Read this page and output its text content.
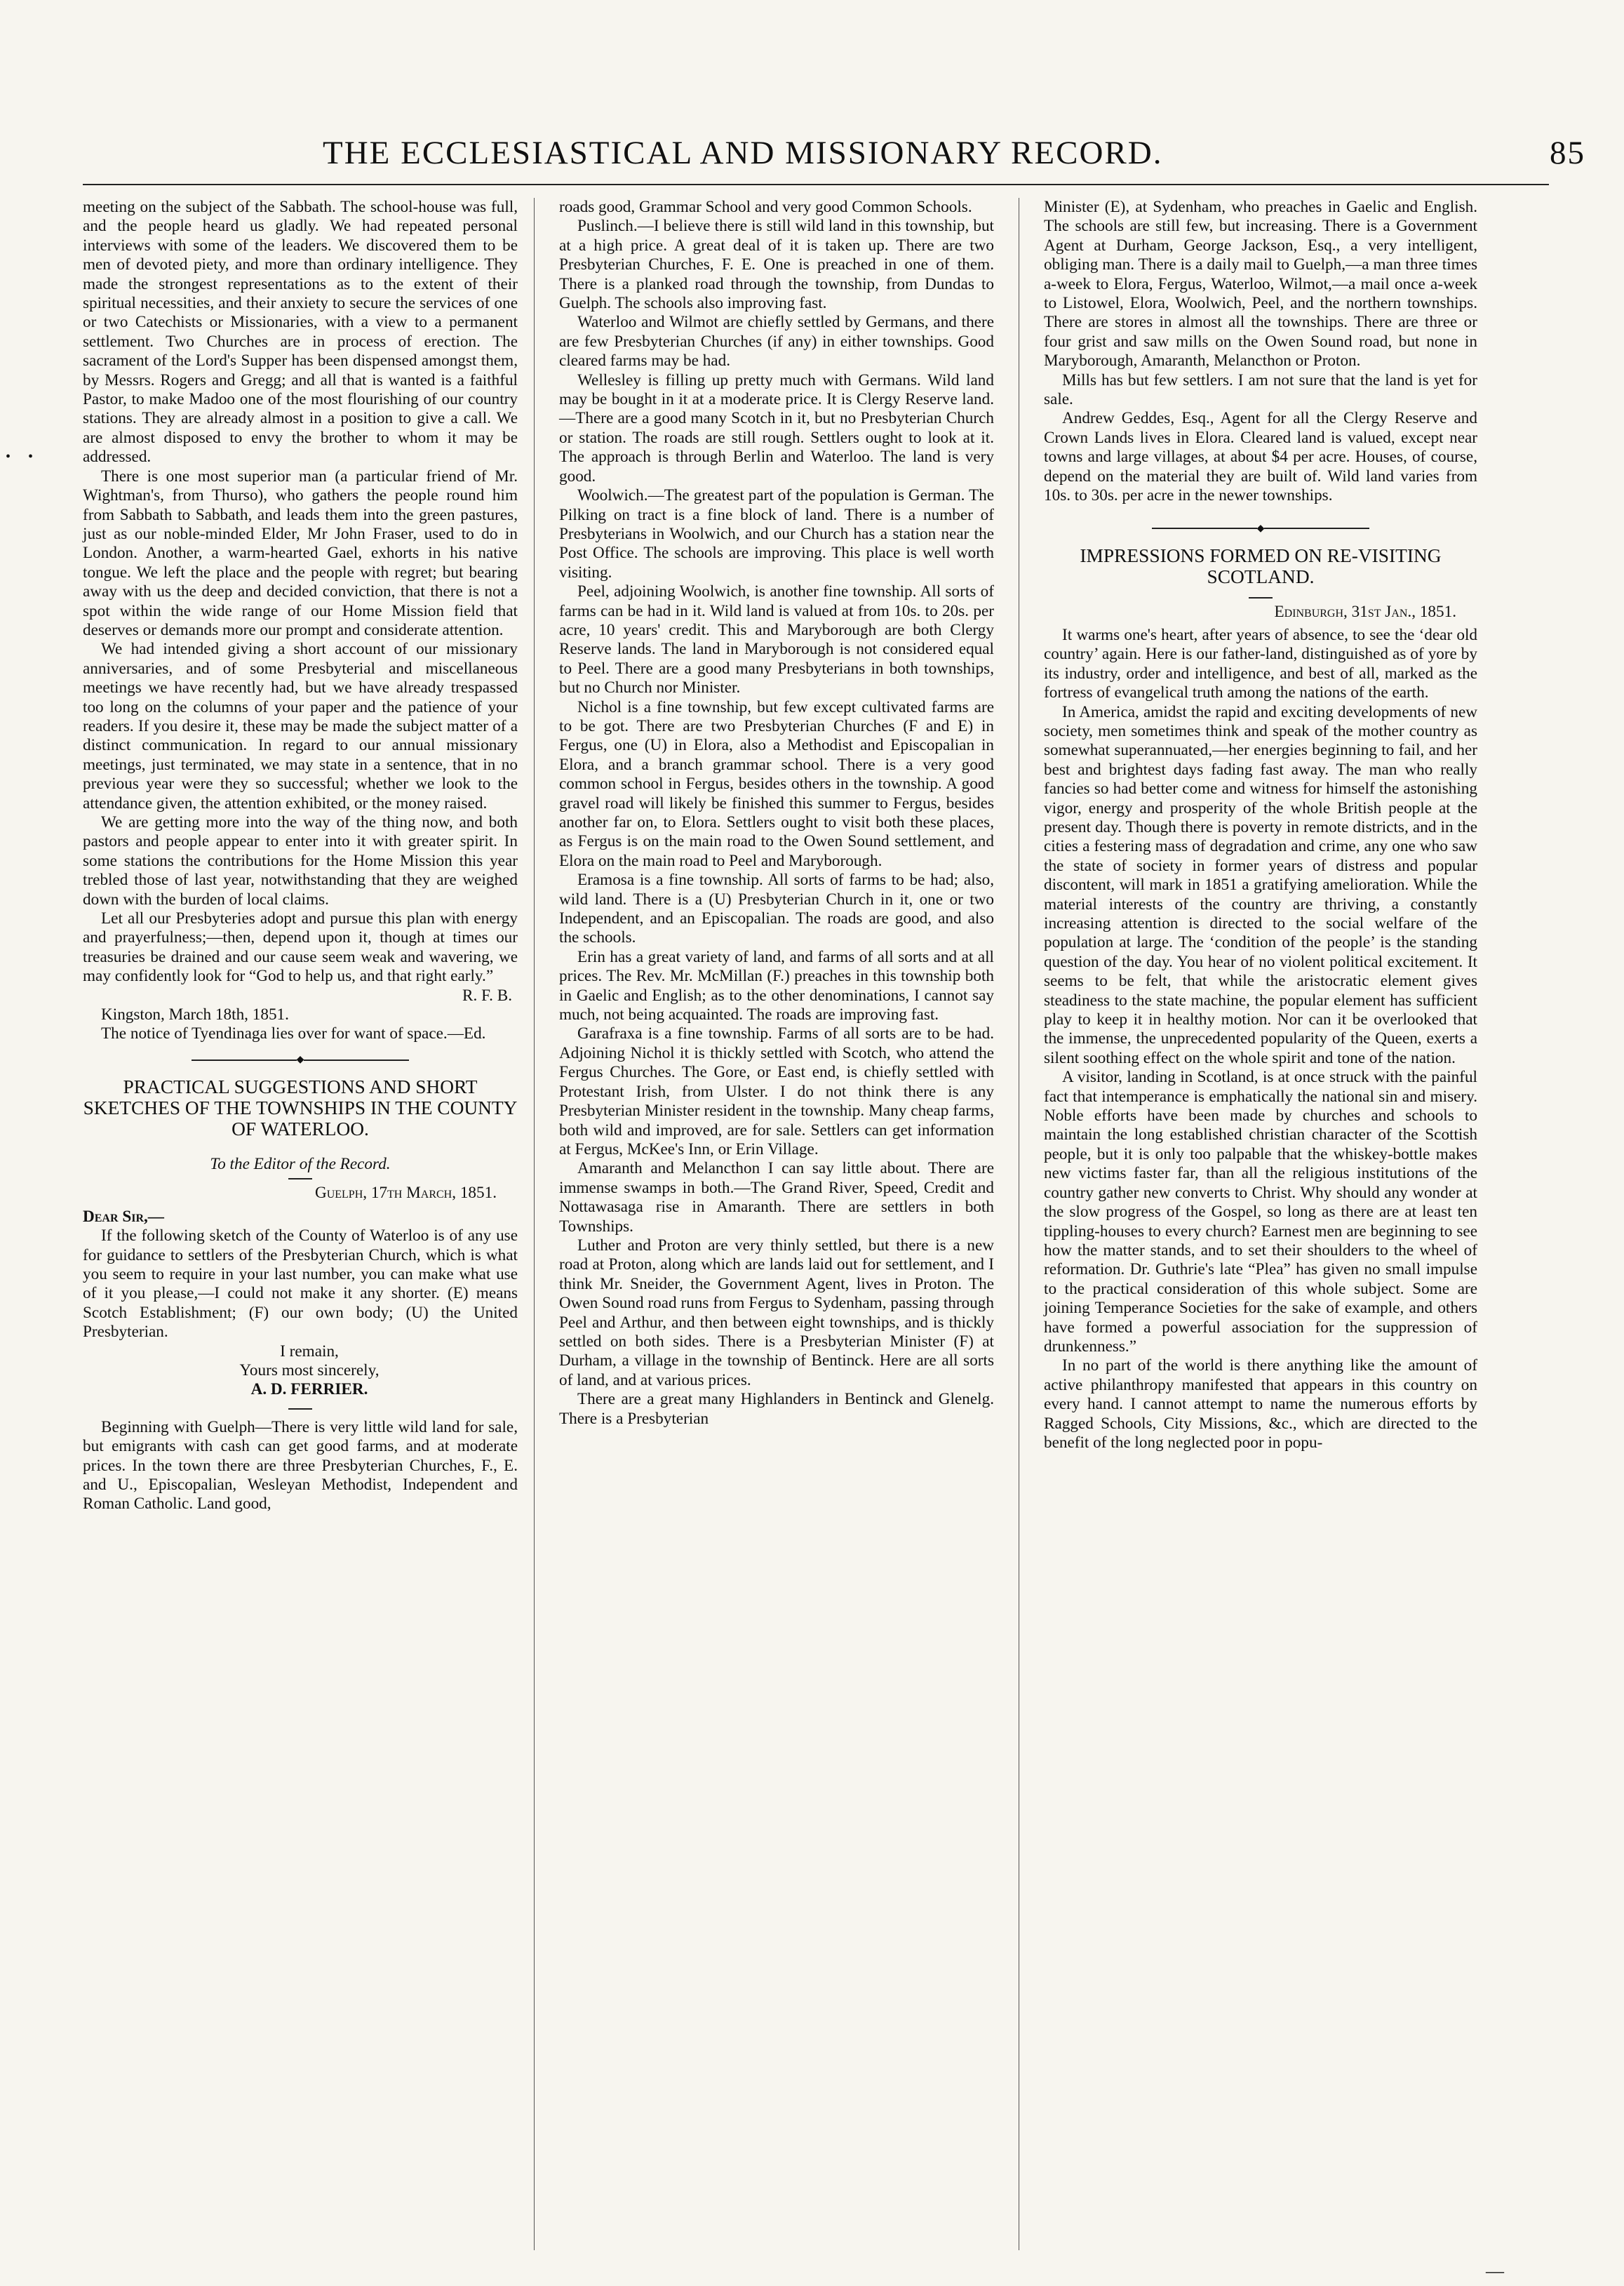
THE ECCLESIASTICAL AND MISSIONARY RECORD.	85
• •

meeting on the subject of the Sabbath. The school-house was full, and the people heard us gladly. We had repeated personal interviews with some of the leaders. We discovered them to be men of devoted piety, and more than ordinary intelligence. They made the strongest representations as to the extent of their spiritual necessities, and their anxiety to secure the services of one or two Catechists or Missionaries, with a view to a permanent settlement. Two Churches are in process of erection. The sacrament of the Lord's Supper has been dispensed amongst them, by Messrs. Rogers and Gregg; and all that is wanted is a faithful Pastor, to make Madoo one of the most flourishing of our country stations. They are already almost in a position to give a call. We are almost disposed to envy the brother to whom it may be addressed.

There is one most superior man (a particular friend of Mr. Wightman's, from Thurso), who gathers the people round him from Sabbath to Sabbath, and leads them into the green pastures, just as our noble-minded Elder, Mr John Fraser, used to do in London. Another, a warm-hearted Gael, exhorts in his native tongue. We left the place and the people with regret; but bearing away with us the deep and decided conviction, that there is not a spot within the wide range of our Home Mission field that deserves or demands more our prompt and considerate attention.

We had intended giving a short account of our missionary anniversaries, and of some Presbyterial and miscellaneous meetings we have recently had, but we have already trespassed too long on the columns of your paper and the patience of your readers. If you desire it, these may be made the subject matter of a distinct communication. In regard to our annual missionary meetings, just terminated, we may state in a sentence, that in no previous year were they so successful; whether we look to the attendance given, the attention exhibited, or the money raised.

We are getting more into the way of the thing now, and both pastors and people appear to enter into it with greater spirit. In some stations the contributions for the Home Mission this year trebled those of last year, notwithstanding that they are weighed down with the burden of local claims.

Let all our Presbyteries adopt and pursue this plan with energy and prayerfulness;—then, depend upon it, though at times our treasuries be drained and our cause seem weak and wavering, we may confidently look for “God to help us, and that right early.”

R. F. B.

Kingston, March 18th, 1851.

The notice of Tyendinaga lies over for want of space.—Ed.

◆
PRACTICAL SUGGESTIONS AND SHORT SKETCHES OF THE TOWNSHIPS IN THE COUNTY OF WATERLOO.
To the Editor of the Record.
Guelph, 17th March, 1851.

Dear Sir,—

If the following sketch of the County of Waterloo is of any use for guidance to settlers of the Presbyterian Church, which is what you seem to require in your last number, you can make what use of it you please,—I could not make it any shorter. (E) means Scotch Establishment; (F) our own body; (U) the United Presbyterian.

I remain,

Yours most sincerely,

A. D. FERRIER.

Beginning with Guelph—There is very little wild land for sale, but emigrants with cash can get good farms, and at moderate prices. In the town there are three Presbyterian Churches, F., E. and U., Episcopalian, Wesleyan Methodist, Independent and Roman Catholic. Land good,

roads good, Grammar School and very good Common Schools.

Puslinch.—I believe there is still wild land in this township, but at a high price. A great deal of it is taken up. There are two Presbyterian Churches, F. E. One is preached in one of them. There is a planked road through the township, from Dundas to Guelph. The schools also improving fast.

Waterloo and Wilmot are chiefly settled by Germans, and there are few Presbyterian Churches (if any) in either townships. Good cleared farms may be had.

Wellesley is filling up pretty much with Germans. Wild land may be bought in it at a moderate price. It is Clergy Reserve land.—There are a good many Scotch in it, but no Presbyterian Church or station. The roads are still rough. Settlers ought to look at it. The approach is through Berlin and Waterloo. The land is very good.

Woolwich.—The greatest part of the population is German. The Pilking on tract is a fine block of land. There is a number of Presbyterians in Woolwich, and our Church has a station near the Post Office. The schools are improving. This place is well worth visiting.

Peel, adjoining Woolwich, is another fine township. All sorts of farms can be had in it. Wild land is valued at from 10s. to 20s. per acre, 10 years' credit. This and Maryborough are both Clergy Reserve lands. The land in Maryborough is not considered equal to Peel. There are a good many Presbyterians in both townships, but no Church nor Minister.

Nichol is a fine township, but few except cultivated farms are to be got. There are two Presbyterian Churches (F and E) in Fergus, one (U) in Elora, also a Methodist and Episcopalian in Elora, and a branch grammar school. There is a very good common school in Fergus, besides others in the township. A good gravel road will likely be finished this summer to Fergus, besides another far on, to Elora. Settlers ought to visit both these places, as Fergus is on the main road to the Owen Sound settlement, and Elora on the main road to Peel and Maryborough.

Eramosa is a fine township. All sorts of farms to be had; also, wild land. There is a (U) Presbyterian Church in it, one or two Independent, and an Episcopalian. The roads are good, and also the schools.

Erin has a great variety of land, and farms of all sorts and at all prices. The Rev. Mr. McMillan (F.) preaches in this township both in Gaelic and English; as to the other denominations, I cannot say much, not being acquainted. The roads are improving fast.

Garafraxa is a fine township. Farms of all sorts are to be had. Adjoining Nichol it is thickly settled with Scotch, who attend the Fergus Churches. The Gore, or East end, is chiefly settled with Protestant Irish, from Ulster. I do not think there is any Presbyterian Minister resident in the township. Many cheap farms, both wild and improved, are for sale. Settlers can get information at Fergus, McKee's Inn, or Erin Village.

Amaranth and Melancthon I can say little about. There are immense swamps in both.—The Grand River, Speed, Credit and Nottawasaga rise in Amaranth. There are settlers in both Townships.

Luther and Proton are very thinly settled, but there is a new road at Proton, along which are lands laid out for settlement, and I think Mr. Sneider, the Government Agent, lives in Proton. The Owen Sound road runs from Fergus to Sydenham, passing through Peel and Arthur, and then between eight townships, and is thickly settled on both sides. There is a Presbyterian Minister (F) at Durham, a village in the township of Bentinck. Here are all sorts of land, and at various prices.

There are a great many Highlanders in Bentinck and Glenelg. There is a Presbyterian

Minister (E), at Sydenham, who preaches in Gaelic and English. The schools are still few, but increasing. There is a Government Agent at Durham, George Jackson, Esq., a very intelligent, obliging man. There is a daily mail to Guelph,—a man three times a-week to Elora, Fergus, Waterloo, Wilmot,—a mail once a-week to Listowel, Elora, Woolwich, Peel, and the northern townships. There are stores in almost all the townships. There are three or four grist and saw mills on the Owen Sound road, but none in Maryborough, Amaranth, Melancthon or Proton.

Mills has but few settlers. I am not sure that the land is yet for sale.

Andrew Geddes, Esq., Agent for all the Clergy Reserve and Crown Lands lives in Elora. Cleared land is valued, except near towns and large villages, at about $4 per acre. Houses, of course, depend on the material they are built of. Wild land varies from 10s. to 30s. per acre in the newer townships.

◆
IMPRESSIONS FORMED ON RE-VISITING SCOTLAND.
Edinburgh, 31st Jan., 1851.

It warms one's heart, after years of absence, to see the ‘dear old country’ again. Here is our father-land, distinguished as of yore by its industry, order and intelligence, and best of all, marked as the fortress of evangelical truth among the nations of the earth.

In America, amidst the rapid and exciting developments of new society, men sometimes think and speak of the mother country as somewhat superannuated,—her energies beginning to fail, and her best and brightest days fading fast away. The man who really fancies so had better come and witness for himself the astonishing vigor, energy and prosperity of the whole British people at the present day. Though there is poverty in remote districts, and in the cities a festering mass of degradation and crime, any one who saw the state of society in former years of distress and popular discontent, will mark in 1851 a gratifying amelioration. While the material interests of the country are thriving, a constantly increasing attention is directed to the social welfare of the population at large. The ‘condition of the people’ is the standing question of the day. You hear of no violent political excitement. It seems to be felt, that while the aristocratic element gives steadiness to the state machine, the popular element has sufficient play to keep it in healthy motion. Nor can it be overlooked that the immense, the unprecedented popularity of the Queen, exerts a silent soothing effect on the whole spirit and tone of the nation.

A visitor, landing in Scotland, is at once struck with the painful fact that intemperance is emphatically the national sin and misery. Noble efforts have been made by churches and schools to maintain the long established christian character of the Scottish people, but it is only too palpable that the whiskey-bottle makes new victims faster far, than all the religious institutions of the country gather new converts to Christ. Why should any wonder at the slow progress of the Gospel, so long as there are at least ten tippling-houses to every church? Earnest men are beginning to see how the matter stands, and to set their shoulders to the wheel of reformation. Dr. Guthrie's late “Plea” has given no small impulse to the practical consideration of this whole subject. Some are joining Temperance Societies for the sake of example, and others have formed a powerful association for the suppression of drunkenness.”

In no part of the world is there anything like the amount of active philanthropy manifested that appears in this country on every hand. I cannot attempt to name the numerous efforts by Ragged Schools, City Missions, &c., which are directed to the benefit of the long neglected poor in popu-

—
